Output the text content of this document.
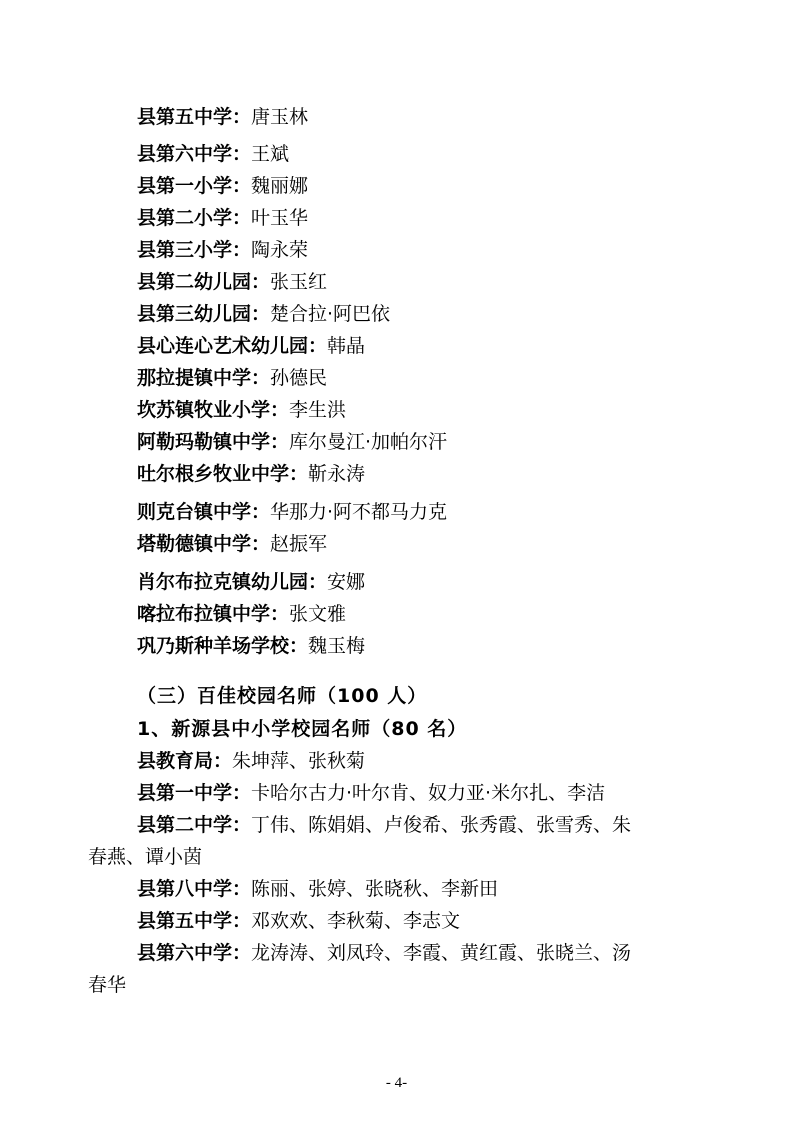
县第五中学：唐玉林
县第六中学：王斌
县第一小学：魏丽娜
县第二小学：叶玉华
县第三小学：陶永荣
县第二幼儿园：张玉红
县第三幼儿园：楚合拉·阿巴依
县心连心艺术幼儿园：韩晶
那拉提镇中学：孙德民
坎苏镇牧业小学：李生洪
阿勒玛勒镇中学：库尔曼江·加帕尔汗
吐尔根乡牧业中学：靳永涛
则克台镇中学：华那力·阿不都马力克
塔勒德镇中学：赵振军
肖尔布拉克镇幼儿园：安娜
喀拉布拉镇中学：张文雅
巩乃斯种羊场学校：魏玉梅
（三）百佳校园名师（100 人）
1、新源县中小学校园名师（80 名）
县教育局：朱坤萍、张秋菊
县第一中学：卡哈尔古力·叶尔肯、奴力亚·米尔扎、李洁
县第二中学：丁伟、陈娟娟、卢俊希、张秀霞、张雪秀、朱
春燕、谭小茵
县第八中学：陈丽、张婷、张晓秋、李新田
县第五中学：邓欢欢、李秋菊、李志文
县第六中学：龙涛涛、刘凤玲、李霞、黄红霞、张晓兰、汤
春华
- 4-
